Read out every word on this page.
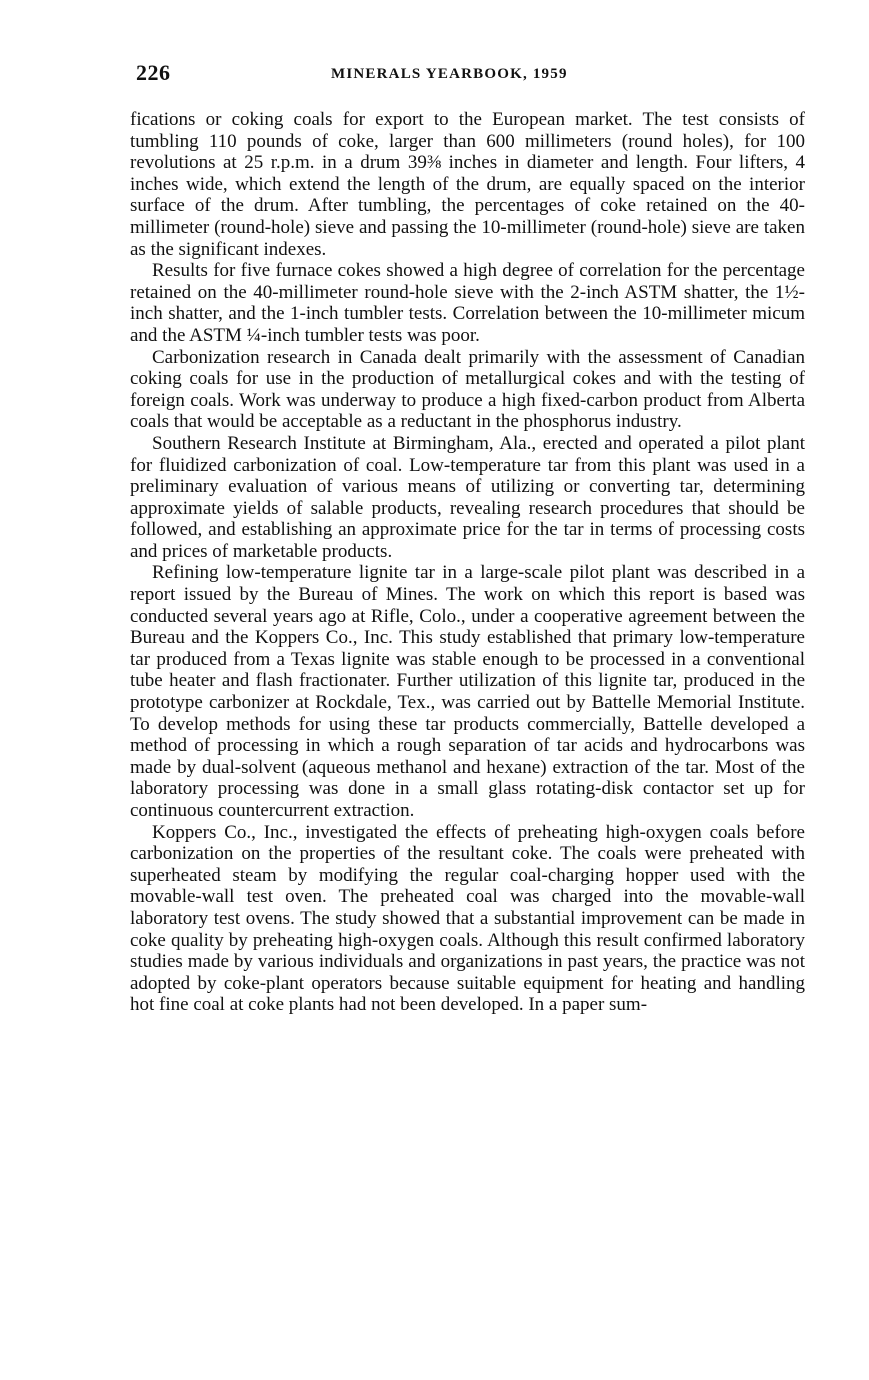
226	MINERALS YEARBOOK, 1959

fications or coking coals for export to the European market. The test consists of tumbling 110 pounds of coke, larger than 600 millimeters (round holes), for 100 revolutions at 25 r.p.m. in a drum 39⅜ inches in diameter and length. Four lifters, 4 inches wide, which extend the length of the drum, are equally spaced on the interior surface of the drum. After tumbling, the percentages of coke retained on the 40-millimeter (round-hole) sieve and passing the 10-millimeter (round-hole) sieve are taken as the significant indexes.

Results for five furnace cokes showed a high degree of correlation for the percentage retained on the 40-millimeter round-hole sieve with the 2-inch ASTM shatter, the 1½-inch shatter, and the 1-inch tumbler tests. Correlation between the 10-millimeter micum and the ASTM ¼-inch tumbler tests was poor.

Carbonization research in Canada dealt primarily with the assessment of Canadian coking coals for use in the production of metallurgical cokes and with the testing of foreign coals. Work was underway to produce a high fixed-carbon product from Alberta coals that would be acceptable as a reductant in the phosphorus industry.

Southern Research Institute at Birmingham, Ala., erected and operated a pilot plant for fluidized carbonization of coal. Low-temperature tar from this plant was used in a preliminary evaluation of various means of utilizing or converting tar, determining approximate yields of salable products, revealing research procedures that should be followed, and establishing an approximate price for the tar in terms of processing costs and prices of marketable products.

Refining low-temperature lignite tar in a large-scale pilot plant was described in a report issued by the Bureau of Mines. The work on which this report is based was conducted several years ago at Rifle, Colo., under a cooperative agreement between the Bureau and the Koppers Co., Inc. This study established that primary low-temperature tar produced from a Texas lignite was stable enough to be processed in a conventional tube heater and flash fractionater. Further utilization of this lignite tar, produced in the prototype carbonizer at Rockdale, Tex., was carried out by Battelle Memorial Institute. To develop methods for using these tar products commercially, Battelle developed a method of processing in which a rough separation of tar acids and hydrocarbons was made by dual-solvent (aqueous methanol and hexane) extraction of the tar. Most of the laboratory processing was done in a small glass rotating-disk contactor set up for continuous countercurrent extraction.

Koppers Co., Inc., investigated the effects of preheating high-oxygen coals before carbonization on the properties of the resultant coke. The coals were preheated with superheated steam by modifying the regular coal-charging hopper used with the movable-wall test oven. The preheated coal was charged into the movable-wall laboratory test ovens. The study showed that a substantial improvement can be made in coke quality by preheating high-oxygen coals. Although this result confirmed laboratory studies made by various individuals and organizations in past years, the practice was not adopted by coke-plant operators because suitable equipment for heating and handling hot fine coal at coke plants had not been developed. In a paper sum-
